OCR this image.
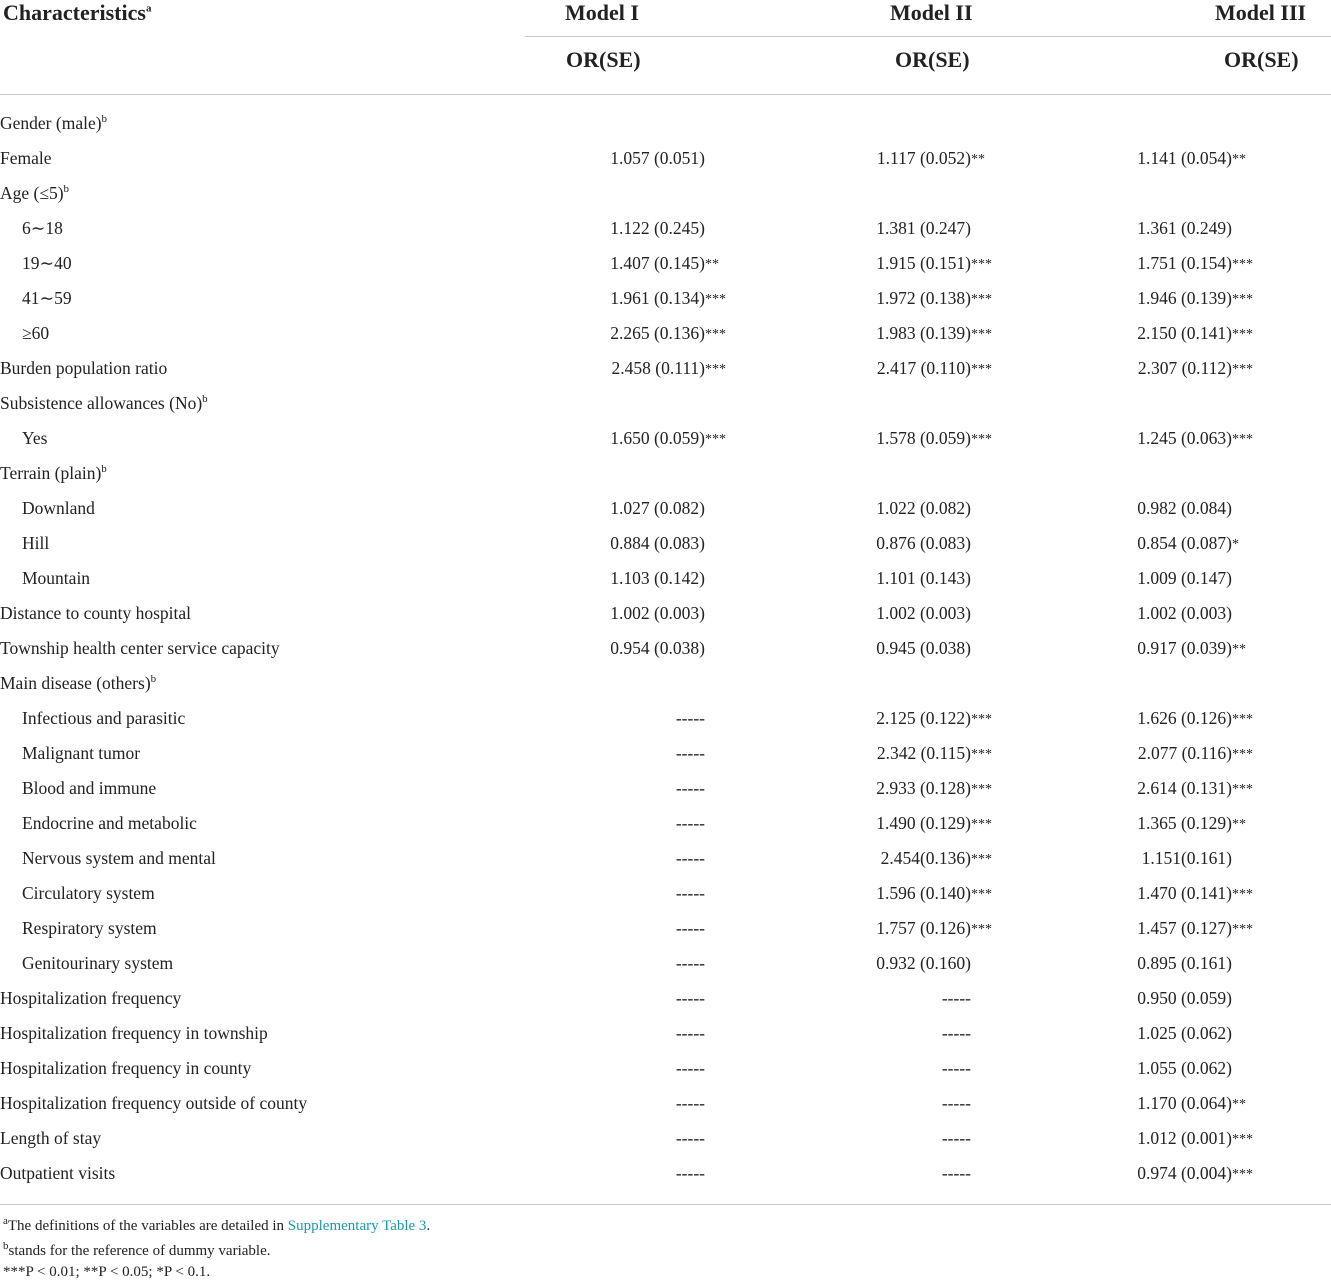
Characteristics$^a$	Model I	Model II	Model III
OR(SE)	OR(SE)	OR(SE)
Gender (male)$^b$						
Female	1.057 (0.051)		1.117 (0.052)	**	1.141 (0.054)	**
Age (≤5)$^b$						
6∼18	1.122 (0.245)		1.381 (0.247)		1.361 (0.249)	
19∼40	1.407 (0.145)	**	1.915 (0.151)	***	1.751 (0.154)	***
41∼59	1.961 (0.134)	***	1.972 (0.138)	***	1.946 (0.139)	***
≥60	2.265 (0.136)	***	1.983 (0.139)	***	2.150 (0.141)	***
Burden population ratio	2.458 (0.111)	***	2.417 (0.110)	***	2.307 (0.112)	***
Subsistence allowances $(No)^b$						
Yes	1.650 (0.059)	***	1.578 (0.059)	***	1.245 (0.063)	***
Terrain (plain)$^b$						
Downland	1.027 (0.082)		1.022 (0.082)		0.982 (0.084)	
Hill	0.884 (0.083)		0.876 (0.083)		0.854 (0.087)	*
Mountain	1.103 (0.142)		1.101 (0.143)		1.009 (0.147)	
Distance to county hospital	1.002 (0.003)		1.002 (0.003)		1.002 (0.003)	
Township health center service capacity	0.954 (0.038)		0.945 (0.038)		0.917 (0.039)	**
Main disease (others)$^b$						
Infectious and parasitic	-----		2.125 (0.122)	***	1.626 (0.126)	***
Malignant tumor	-----		2.342 (0.115)	***	2.077 (0.116)	***
Blood and immune	-----		2.933 (0.128)	***	2.614 (0.131)	***
Endocrine and metabolic	-----		1.490 (0.129)	***	1.365 (0.129)	**
Nervous system and mental	-----		2.454(0.136)	***	1.151(0.161)	
Circulatory system	-----		1.596 (0.140)	***	1.470 (0.141)	***
Respiratory system	-----		1.757 (0.126)	***	1.457 (0.127)	***
Genitourinary system	-----		0.932 (0.160)		0.895 (0.161)	
Hospitalization frequency	-----		-----		0.950 (0.059)	
Hospitalization frequency in township	-----		-----		1.025 (0.062)	
Hospitalization frequency in county	-----		-----		1.055 (0.062)	
Hospitalization frequency outside of county	-----		-----		1.170 (0.064)	**
Length of stay	-----		-----		1.012 (0.001)	***
Outpatient visits	-----		-----		0.974 (0.004)	***
$^a$The definitions of the variables are detailed in Supplementary Table 3.
$^b$stands for the reference of dummy variable.
***P < 0.01; **P < 0.05; *P < 0.1.
